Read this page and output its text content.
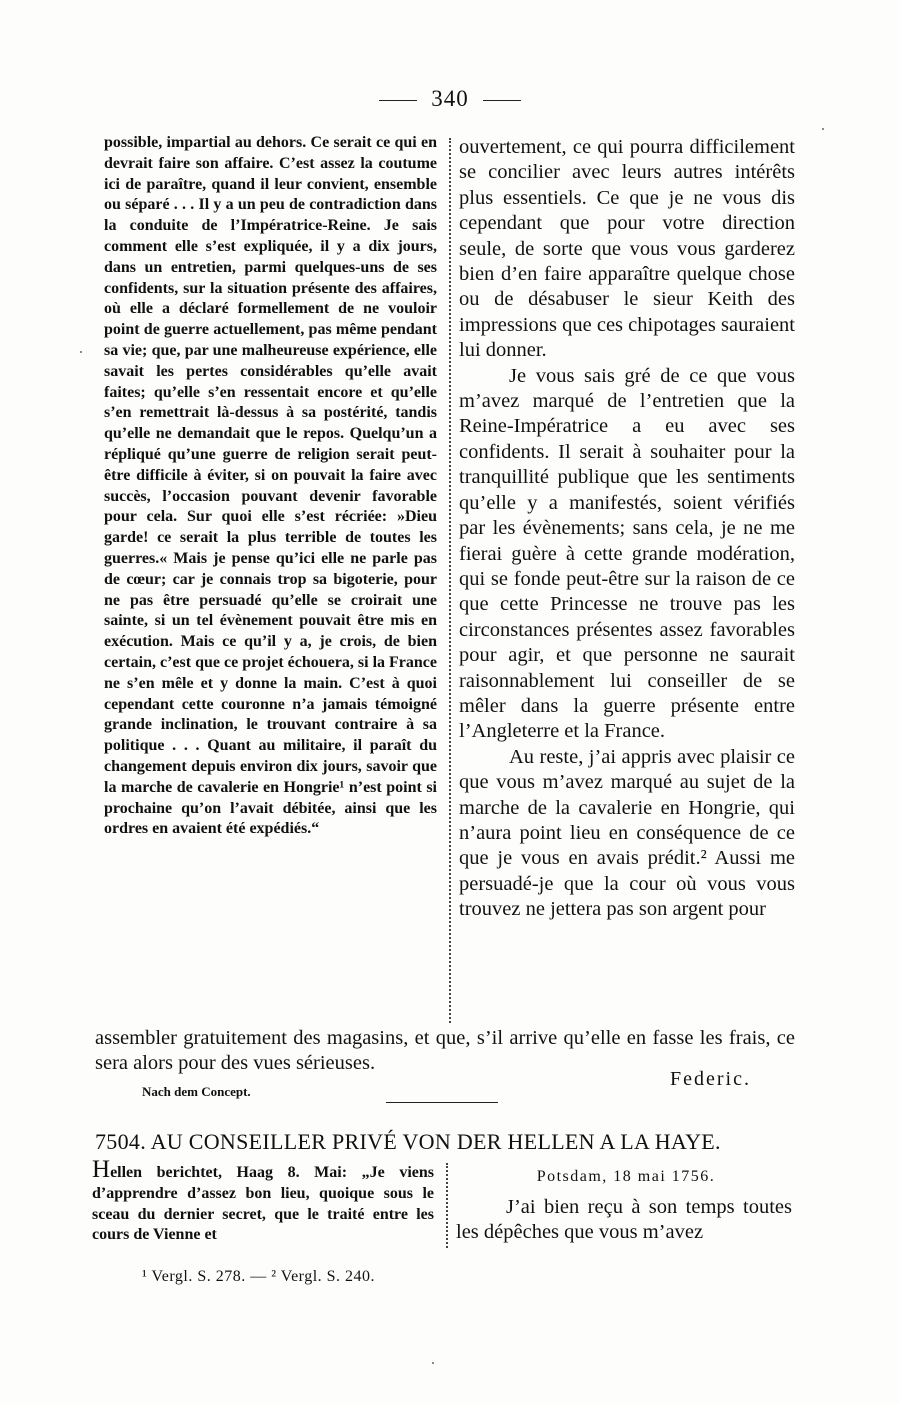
340
possible, impartial au dehors. Ce serait ce qui en devrait faire son affaire. C’est assez la coutume ici de paraître, quand il leur convient, ensemble ou séparé . . . Il y a un peu de contradiction dans la conduite de l’Impératrice-Reine. Je sais comment elle s’est expliquée, il y a dix jours, dans un entretien, parmi quelques-uns de ses confidents, sur la situation présente des affaires, où elle a déclaré formellement de ne vouloir point de guerre actuellement, pas même pendant sa vie; que, par une malheureuse expérience, elle savait les pertes considérables qu’elle avait faites; qu’elle s’en ressentait encore et qu’elle s’en remettrait là-dessus à sa postérité, tandis qu’elle ne demandait que le repos. Quelqu’un a répliqué qu’une guerre de religion serait peut-être difficile à éviter, si on pouvait la faire avec succès, l’occasion pouvant devenir favorable pour cela. Sur quoi elle s’est récriée: »Dieu garde! ce serait la plus terrible de toutes les guerres.« Mais je pense qu’ici elle ne parle pas de cœur; car je connais trop sa bigoterie, pour ne pas être persuadé qu’elle se croirait une sainte, si un tel évènement pouvait être mis en exécution. Mais ce qu’il y a, je crois, de bien certain, c’est que ce projet échouera, si la France ne s’en mêle et y donne la main. C’est à quoi cependant cette couronne n’a jamais témoigné grande inclination, le trouvant contraire à sa politique . . . Quant au militaire, il paraît du changement depuis environ dix jours, savoir que la marche de cavalerie en Hongrie¹ n’est point si prochaine qu’on l’avait débitée, ainsi que les ordres en avaient été expédiés.“

ouvertement, ce qui pourra difficilement se concilier avec leurs autres intérêts plus essentiels. Ce que je ne vous dis cependant que pour votre direction seule, de sorte que vous vous garderez bien d’en faire apparaître quelque chose ou de désabuser le sieur Keith des impressions que ces chipotages sauraient lui donner.

Je vous sais gré de ce que vous m’avez marqué de l’entretien que la Reine-Impératrice a eu avec ses confidents. Il serait à souhaiter pour la tranquillité publique que les sentiments qu’elle y a manifestés, soient vérifiés par les évènements; sans cela, je ne me fierai guère à cette grande modération, qui se fonde peut-être sur la raison de ce que cette Princesse ne trouve pas les circonstances présentes assez favorables pour agir, et que personne ne saurait raisonnablement lui conseiller de se mêler dans la guerre présente entre l’Angleterre et la France.

Au reste, j’ai appris avec plaisir ce que vous m’avez marqué au sujet de la marche de la cavalerie en Hongrie, qui n’aura point lieu en conséquence de ce que je vous en avais prédit.² Aussi me persuadé-je que la cour où vous vous trouvez ne jettera pas son argent pour

assembler gratuitement des magasins, et que, s’il arrive qu’elle en fasse les frais, ce sera alors pour des vues sérieuses.
Federic.
Nach dem Concept.
7504. AU CONSEILLER PRIVÉ VON DER HELLEN A LA HAYE.
Hellen berichtet, Haag 8. Mai: „Je viens d’apprendre d’assez bon lieu, quoique sous le sceau du dernier secret, que le traité entre les cours de Vienne et
Potsdam, 18 mai 1756.
J’ai bien reçu à son temps toutes les dépêches que vous m’avez
¹ Vergl. S. 278. — ² Vergl. S. 240.
